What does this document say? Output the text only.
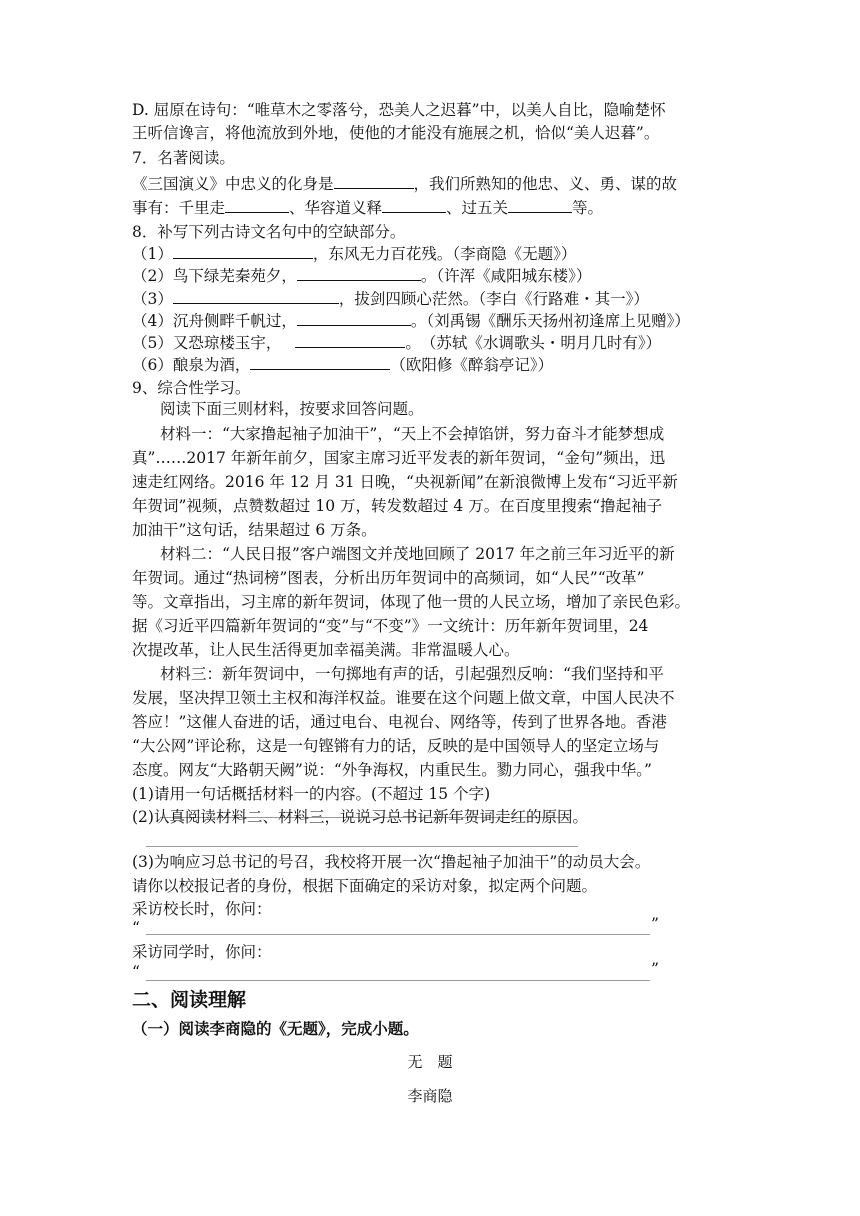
D. 屈原在诗句：“唯草木之零落兮，恐美人之迟暮”中，以美人自比，隐喻楚怀
王听信谗言，将他流放到外地，使他的才能没有施展之机，恰似“美人迟暮”。
7．名著阅读。
《三国演义》中忠义的化身是	，我们所熟知的他忠、义、勇、谋的故
事有：千里走	、华容道义释	、过五关	等。
8．补写下列古诗文名句中的空缺部分。
（1）	，东风无力百花残。（李商隐《无题》）
（2）鸟下绿芜秦苑夕，	。（许浑《咸阳城东楼》）
（3）	，拔剑四顾心茫然。（李白《行路难・其一》）
（4）沉舟侧畔千帆过，	。（刘禹锡《酬乐天扬州初逢席上见赠》）
（5）又恐琼楼玉宇，	。　（苏轼《水调歌头・明月几时有》）
（6）酿泉为酒，	（欧阳修《醉翁亭记》）
9、综合性学习。
阅读下面三则材料，按要求回答问题。
材料一：“大家撸起袖子加油干”，“天上不会掉馅饼，努力奋斗才能梦想成
真”……2017 年新年前夕，国家主席习近平发表的新年贺词，“金句”频出，迅
速走红网络。2016 年 12 月 31 日晚，“央视新闻”在新浪微博上发布“习近平新
年贺词”视频，点赞数超过 10 万，转发数超过 4 万。在百度里搜索“撸起袖子
加油干”这句话，结果超过 6 万条。
材料二：“人民日报”客户端图文并茂地回顾了 2017 年之前三年习近平的新
年贺词。通过“热词榜”图表，分析出历年贺词中的高频词，如“人民”“改革”
等。文章指出，习主席的新年贺词，体现了他一贯的人民立场，增加了亲民色彩。
据《习近平四篇新年贺词的“变”与“不变”》一文统计：历年新年贺词里，24
次提改革，让人民生活得更加幸福美满。非常温暖人心。
材料三：新年贺词中，一句掷地有声的话，引起强烈反响：“我们坚持和平
发展，坚决捍卫领土主权和海洋权益。谁要在这个问题上做文章，中国人民决不
答应！”这催人奋进的话，通过电台、电视台、网络等，传到了世界各地。香港
“大公网”评论称，这是一句铿锵有力的话，反映的是中国领导人的坚定立场与
态度。网友“大路朝天阙”说：“外争海权，内重民生。勠力同心，强我中华。”
(1)请用一句话概括材料一的内容。(不超过 15 个字)
(2)认真阅读材料二、材料三，说说习总书记新年贺词走红的原因。
(3)为响应习总书记的号召，我校将开展一次“撸起袖子加油干”的动员大会。
请你以校报记者的身份，根据下面确定的采访对象，拟定两个问题。
采访校长时，你问：
“	”
采访同学时，你问：
“	”
二、阅读理解
（一）阅读李商隐的《无题》，完成小题。
无　题
李商隐
